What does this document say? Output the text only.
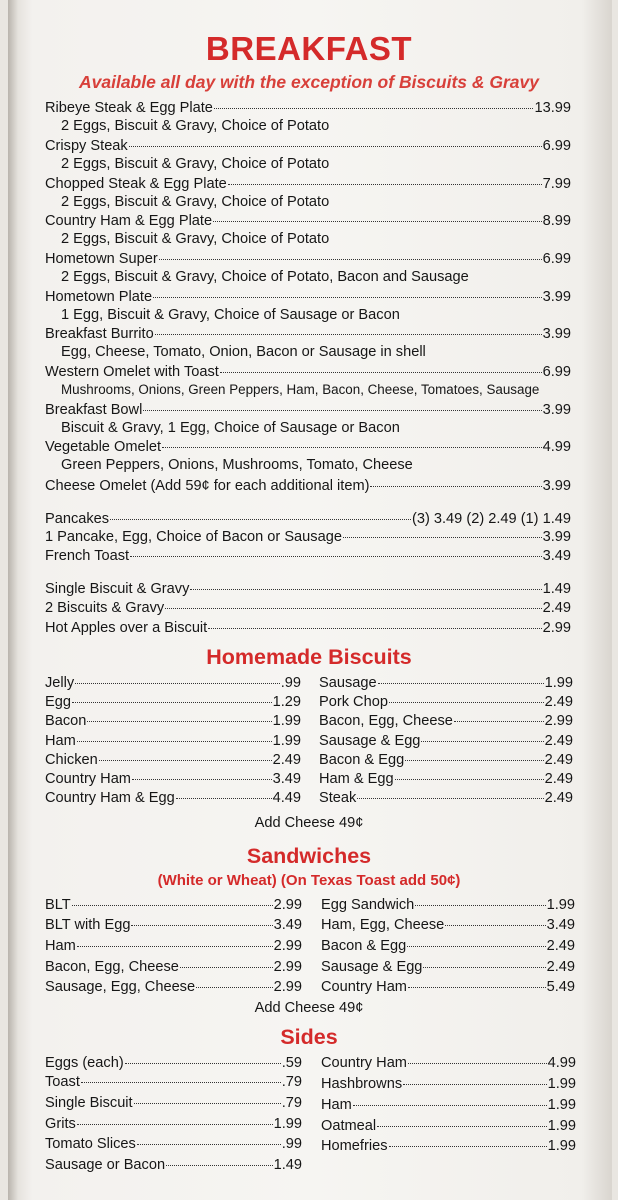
BREAKFAST
Available all day with the exception of Biscuits & Gravy
Ribeye Steak & Egg Plate	13.99
2 Eggs, Biscuit & Gravy, Choice of Potato
Crispy Steak	6.99
2 Eggs, Biscuit & Gravy, Choice of Potato
Chopped Steak & Egg Plate	7.99
2 Eggs, Biscuit & Gravy, Choice of Potato
Country Ham & Egg Plate	8.99
2 Eggs, Biscuit & Gravy, Choice of Potato
Hometown Super	6.99
2 Eggs, Biscuit & Gravy, Choice of Potato, Bacon and Sausage
Hometown Plate	3.99
1 Egg, Biscuit & Gravy, Choice of Sausage or Bacon
Breakfast Burrito	3.99
Egg, Cheese, Tomato, Onion, Bacon or Sausage in shell
Western Omelet with Toast	6.99
Mushrooms, Onions, Green Peppers, Ham, Bacon, Cheese, Tomatoes, Sausage
Breakfast Bowl	3.99
Biscuit & Gravy, 1 Egg, Choice of Sausage or Bacon
Vegetable Omelet	4.99
Green Peppers, Onions, Mushrooms, Tomato, Cheese
Cheese Omelet (Add 59¢ for each additional item)	3.99
Pancakes	(3) 3.49 (2) 2.49 (1) 1.49
1 Pancake, Egg, Choice of Bacon or Sausage	3.99
French Toast	3.49
Single Biscuit & Gravy	1.49
2 Biscuits & Gravy	2.49
Hot Apples over a Biscuit	2.99
Jelly	.99
Egg	1.29
Bacon	1.99
Ham	1.99
Chicken	2.49
Country Ham	3.49
Country Ham & Egg	4.49
Sausage	1.99
Pork Chop	2.49
Bacon, Egg, Cheese	2.99
Sausage & Egg	2.49
Bacon & Egg	2.49
Ham & Egg	2.49
Steak	2.49
BLT	2.99
BLT with Egg	3.49
Ham	2.99
Bacon, Egg, Cheese	2.99
Sausage, Egg, Cheese	2.99
Egg Sandwich	1.99
Ham, Egg, Cheese	3.49
Bacon & Egg	2.49
Sausage & Egg	2.49
Country Ham	5.49
Eggs (each)	.59
Toast	.79
Single Biscuit	.79
Grits	1.99
Tomato Slices	.99
Sausage or Bacon	1.49
Country Ham	4.99
Hashbrowns	1.99
Ham	1.99
Oatmeal	1.99
Homefries	1.99
Homemade Biscuits
Add Cheese 49¢
Sandwiches
(White or Wheat) (On Texas Toast add 50¢)
Add Cheese 49¢
Sides
